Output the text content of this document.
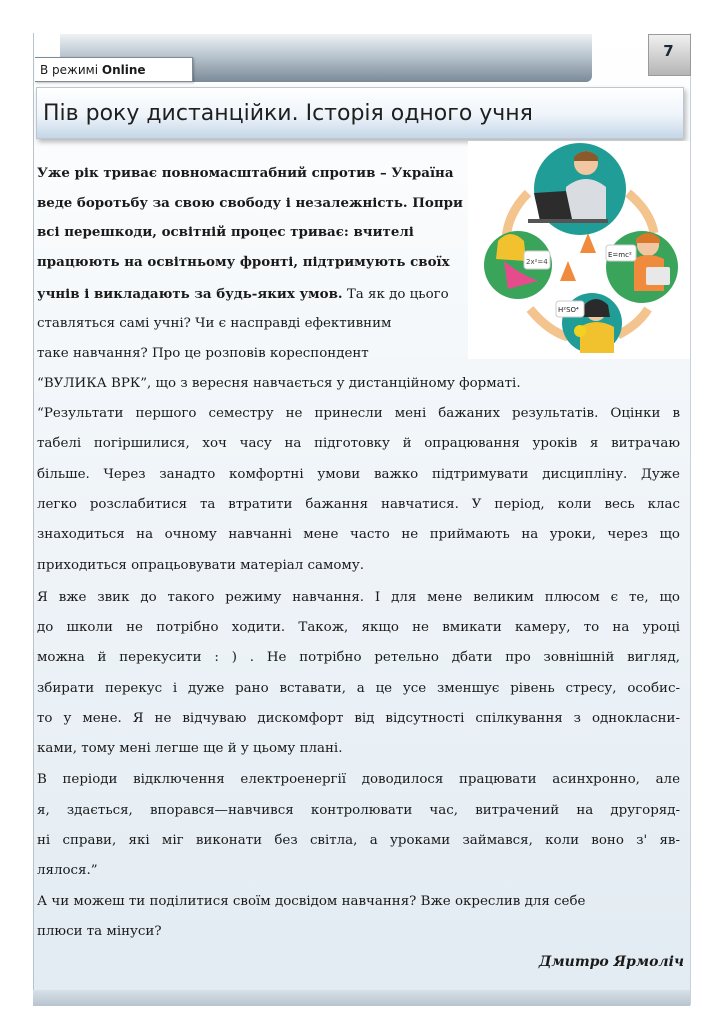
7
В режимі Online
Пів року дистанційки. Історія одного учня
2x²=4
E=mc²
H²SO⁴
Уже рік триває повномасштабний спротив – Україна
веде боротьбу за свою свободу і незалежність. Попри
всі перешкоди, освітній процес триває: вчителі
працюють на освітньому фронті, підтримують своїх
учнів і викладають за будь-яких умов. Та як до цього
ставляться самі учні? Чи є насправді ефективним
таке навчання? Про це розповів кореспондент
“ВУЛИКА ВРК”, що з вересня навчається у дистанційному форматі.
“Результати першого семестру не принесли мені бажаних результатів. Оцінки в
табелі погіршилися, хоч часу на підготовку й опрацювання уроків я витрачаю
більше. Через занадто комфортні умови важко підтримувати дисципліну. Дуже
легко розслабитися та втратити бажання навчатися. У період, коли весь клас
знаходиться на очному навчанні мене часто не приймають на уроки, через що
приходиться опрацьовувати матеріал самому.
Я вже звик до такого режиму навчання. І для мене великим плюсом є те, що
до школи не потрібно ходити. Також, якщо не вмикати камеру, то на уроці
можна й перекусити : ) . Не потрібно ретельно дбати про зовнішній вигляд,
збирати перекус і дуже рано вставати, а це усе зменшує рівень стресу, особис-
то у мене. Я не відчуваю дискомфорт від відсутності спілкування з однокласни-
ками, тому мені легше ще й у цьому плані.
В періоди відключення електроенергії доводилося працювати асинхронно, але
я, здається, впорався—навчився контролювати час, витрачений на другоряд-
ні справи, які міг виконати без світла, а уроками займався, коли воно з' яв-
лялося.”
А чи можеш ти поділитися своїм досвідом навчання? Вже окреслив для себе
плюси та мінуси?
Дмитро Ярмоліч
